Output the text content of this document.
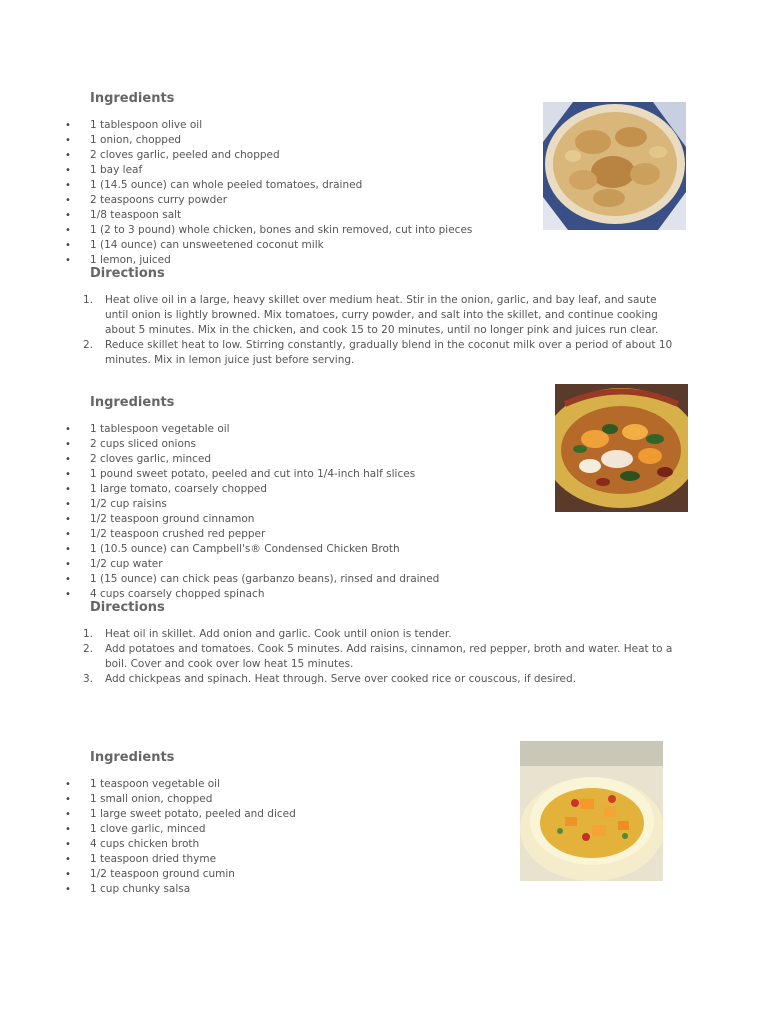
Ingredients
• 1 tablespoon olive oil
• 1 onion, chopped
• 2 cloves garlic, peeled and chopped
• 1 bay leaf
• 1 (14.5 ounce) can whole peeled tomatoes, drained
• 2 teaspoons curry powder
• 1/8 teaspoon salt
• 1 (2 to 3 pound) whole chicken, bones and skin removed, cut into pieces
• 1 (14 ounce) can unsweetened coconut milk
• 1 lemon, juiced
Directions
1. Heat olive oil in a large, heavy skillet over medium heat. Stir in the onion, garlic, and bay leaf, and saute until onion is lightly browned. Mix tomatoes, curry powder, and salt into the skillet, and continue cooking about 5 minutes. Mix in the chicken, and cook 15 to 20 minutes, until no longer pink and juices run clear.
2. Reduce skillet heat to low. Stirring constantly, gradually blend in the coconut milk over a period of about 10 minutes. Mix in lemon juice just before serving.
Ingredients
• 1 tablespoon vegetable oil
• 2 cups sliced onions
• 2 cloves garlic, minced
• 1 pound sweet potato, peeled and cut into 1/4-inch half slices
• 1 large tomato, coarsely chopped
• 1/2 cup raisins
• 1/2 teaspoon ground cinnamon
• 1/2 teaspoon crushed red pepper
• 1 (10.5 ounce) can Campbell's® Condensed Chicken Broth
• 1/2 cup water
• 1 (15 ounce) can chick peas (garbanzo beans), rinsed and drained
• 4 cups coarsely chopped spinach
Directions
1. Heat oil in skillet. Add onion and garlic. Cook until onion is tender.
2. Add potatoes and tomatoes. Cook 5 minutes. Add raisins, cinnamon, red pepper, broth and water. Heat to a boil. Cover and cook over low heat 15 minutes.
3. Add chickpeas and spinach. Heat through. Serve over cooked rice or couscous, if desired.
Ingredients
• 1 teaspoon vegetable oil
• 1 small onion, chopped
• 1 large sweet potato, peeled and diced
• 1 clove garlic, minced
• 4 cups chicken broth
• 1 teaspoon dried thyme
• 1/2 teaspoon ground cumin
• 1 cup chunky salsa
